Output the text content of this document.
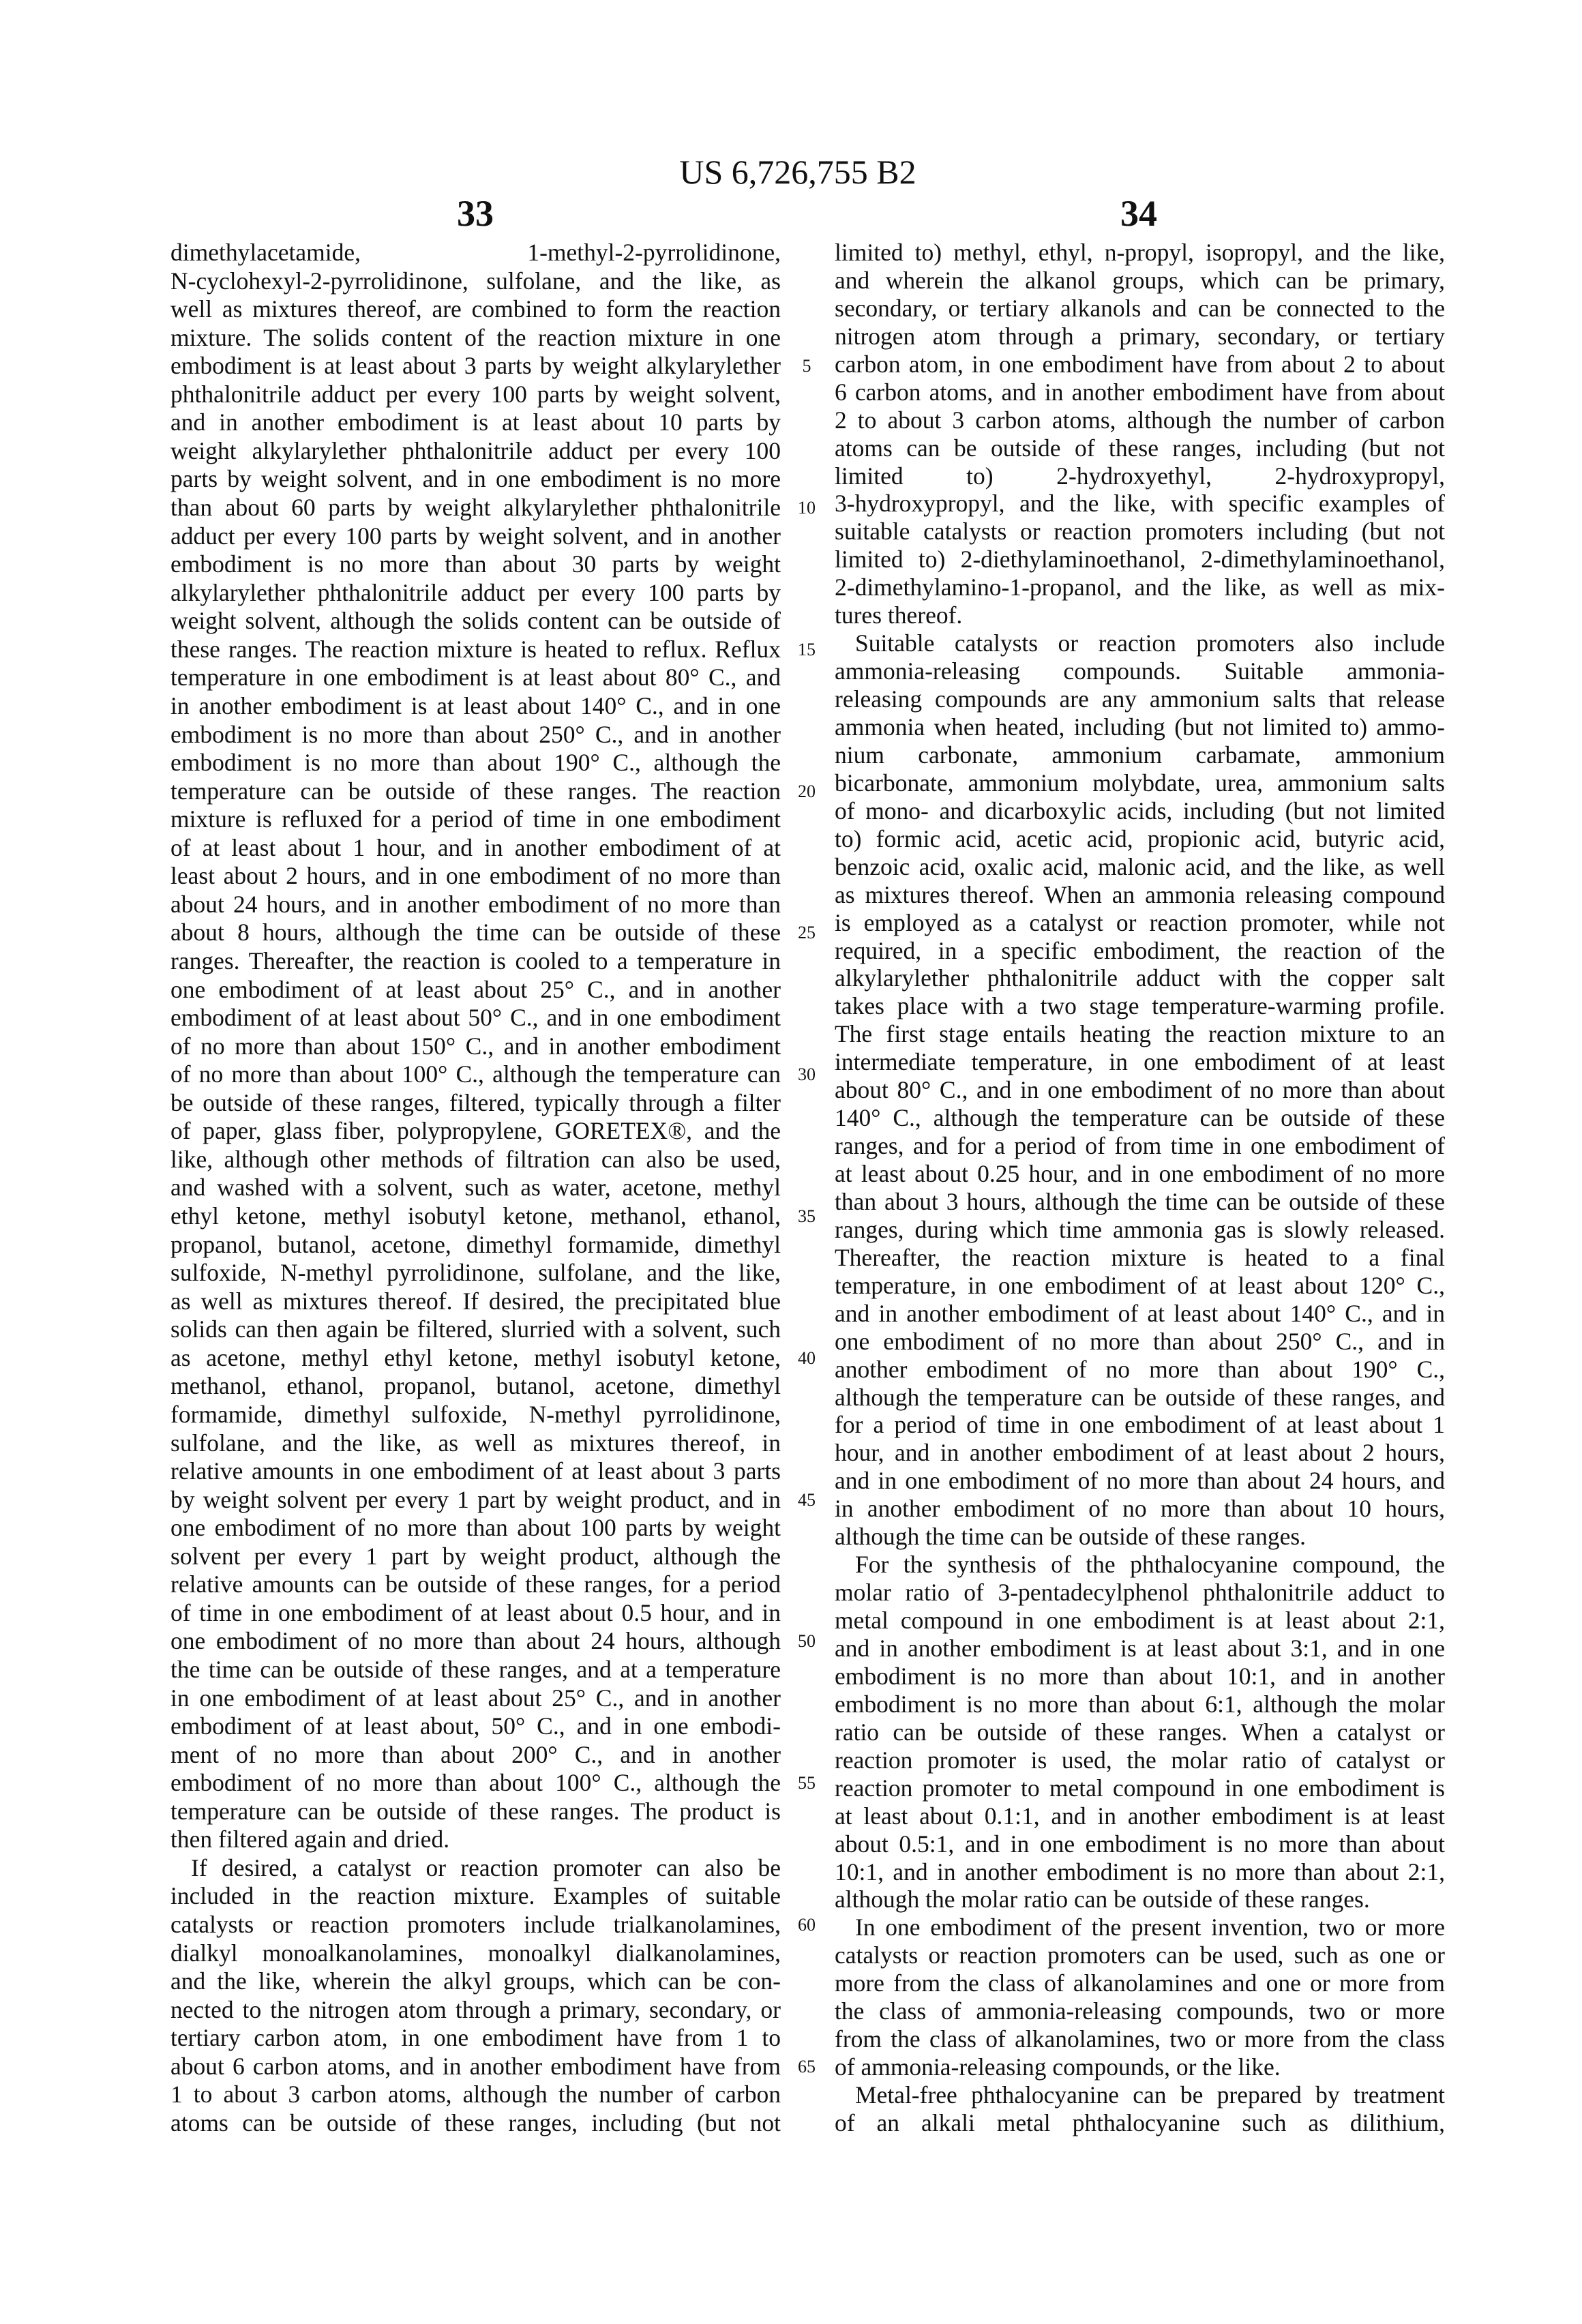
US 6,726,755 B2
33	34
dimethylacetamide, 1-methyl-2-pyrrolidinone,
N-cyclohexyl-2-pyrrolidinone, sulfolane, and the like, as
well as mixtures thereof, are combined to form the reaction
mixture. The solids content of the reaction mixture in one
embodiment is at least about 3 parts by weight alkylarylether
phthalonitrile adduct per every 100 parts by weight solvent,
and in another embodiment is at least about 10 parts by
weight alkylarylether phthalonitrile adduct per every 100
parts by weight solvent, and in one embodiment is no more
than about 60 parts by weight alkylarylether phthalonitrile
adduct per every 100 parts by weight solvent, and in another
embodiment is no more than about 30 parts by weight
alkylarylether phthalonitrile adduct per every 100 parts by
weight solvent, although the solids content can be outside of
these ranges. The reaction mixture is heated to reflux. Reflux
temperature in one embodiment is at least about 80° C., and
in another embodiment is at least about 140° C., and in one
embodiment is no more than about 250° C., and in another
embodiment is no more than about 190° C., although the
temperature can be outside of these ranges. The reaction
mixture is refluxed for a period of time in one embodiment
of at least about 1 hour, and in another embodiment of at
least about 2 hours, and in one embodiment of no more than
about 24 hours, and in another embodiment of no more than
about 8 hours, although the time can be outside of these
ranges. Thereafter, the reaction is cooled to a temperature in
one embodiment of at least about 25° C., and in another
embodiment of at least about 50° C., and in one embodiment
of no more than about 150° C., and in another embodiment
of no more than about 100° C., although the temperature can
be outside of these ranges, filtered, typically through a filter
of paper, glass fiber, polypropylene, GORETEX®, and the
like, although other methods of filtration can also be used,
and washed with a solvent, such as water, acetone, methyl
ethyl ketone, methyl isobutyl ketone, methanol, ethanol,
propanol, butanol, acetone, dimethyl formamide, dimethyl
sulfoxide, N-methyl pyrrolidinone, sulfolane, and the like,
as well as mixtures thereof. If desired, the precipitated blue
solids can then again be filtered, slurried with a solvent, such
as acetone, methyl ethyl ketone, methyl isobutyl ketone,
methanol, ethanol, propanol, butanol, acetone, dimethyl
formamide, dimethyl sulfoxide, N-methyl pyrrolidinone,
sulfolane, and the like, as well as mixtures thereof, in
relative amounts in one embodiment of at least about 3 parts
by weight solvent per every 1 part by weight product, and in
one embodiment of no more than about 100 parts by weight
solvent per every 1 part by weight product, although the
relative amounts can be outside of these ranges, for a period
of time in one embodiment of at least about 0.5 hour, and in
one embodiment of no more than about 24 hours, although
the time can be outside of these ranges, and at a temperature
in one embodiment of at least about 25° C., and in another
embodiment of at least about, 50° C., and in one embodi-
ment of no more than about 200° C., and in another
embodiment of no more than about 100° C., although the
temperature can be outside of these ranges. The product is
then filtered again and dried.
If desired, a catalyst or reaction promoter can also be
included in the reaction mixture. Examples of suitable
catalysts or reaction promoters include trialkanolamines,
dialkyl monoalkanolamines, monoalkyl dialkanolamines,
and the like, wherein the alkyl groups, which can be con-
nected to the nitrogen atom through a primary, secondary, or
tertiary carbon atom, in one embodiment have from 1 to
about 6 carbon atoms, and in another embodiment have from
1 to about 3 carbon atoms, although the number of carbon
atoms can be outside of these ranges, including (but not
5
10
15
20
25
30
35
40
45
50
55
60
65
limited to) methyl, ethyl, n-propyl, isopropyl, and the like,
and wherein the alkanol groups, which can be primary,
secondary, or tertiary alkanols and can be connected to the
nitrogen atom through a primary, secondary, or tertiary
carbon atom, in one embodiment have from about 2 to about
6 carbon atoms, and in another embodiment have from about
2 to about 3 carbon atoms, although the number of carbon
atoms can be outside of these ranges, including (but not
limited to) 2-hydroxyethyl, 2-hydroxypropyl,
3-hydroxypropyl, and the like, with specific examples of
suitable catalysts or reaction promoters including (but not
limited to) 2-diethylaminoethanol, 2-dimethylaminoethanol,
2-dimethylamino-1-propanol, and the like, as well as mix-
tures thereof.
Suitable catalysts or reaction promoters also include
ammonia-releasing compounds. Suitable ammonia-
releasing compounds are any ammonium salts that release
ammonia when heated, including (but not limited to) ammo-
nium carbonate, ammonium carbamate, ammonium
bicarbonate, ammonium molybdate, urea, ammonium salts
of mono- and dicarboxylic acids, including (but not limited
to) formic acid, acetic acid, propionic acid, butyric acid,
benzoic acid, oxalic acid, malonic acid, and the like, as well
as mixtures thereof. When an ammonia releasing compound
is employed as a catalyst or reaction promoter, while not
required, in a specific embodiment, the reaction of the
alkylarylether phthalonitrile adduct with the copper salt
takes place with a two stage temperature-warming profile.
The first stage entails heating the reaction mixture to an
intermediate temperature, in one embodiment of at least
about 80° C., and in one embodiment of no more than about
140° C., although the temperature can be outside of these
ranges, and for a period of from time in one embodiment of
at least about 0.25 hour, and in one embodiment of no more
than about 3 hours, although the time can be outside of these
ranges, during which time ammonia gas is slowly released.
Thereafter, the reaction mixture is heated to a final
temperature, in one embodiment of at least about 120° C.,
and in another embodiment of at least about 140° C., and in
one embodiment of no more than about 250° C., and in
another embodiment of no more than about 190° C.,
although the temperature can be outside of these ranges, and
for a period of time in one embodiment of at least about 1
hour, and in another embodiment of at least about 2 hours,
and in one embodiment of no more than about 24 hours, and
in another embodiment of no more than about 10 hours,
although the time can be outside of these ranges.
For the synthesis of the phthalocyanine compound, the
molar ratio of 3-pentadecylphenol phthalonitrile adduct to
metal compound in one embodiment is at least about 2:1,
and in another embodiment is at least about 3:1, and in one
embodiment is no more than about 10:1, and in another
embodiment is no more than about 6:1, although the molar
ratio can be outside of these ranges. When a catalyst or
reaction promoter is used, the molar ratio of catalyst or
reaction promoter to metal compound in one embodiment is
at least about 0.1:1, and in another embodiment is at least
about 0.5:1, and in one embodiment is no more than about
10:1, and in another embodiment is no more than about 2:1,
although the molar ratio can be outside of these ranges.
In one embodiment of the present invention, two or more
catalysts or reaction promoters can be used, such as one or
more from the class of alkanolamines and one or more from
the class of ammonia-releasing compounds, two or more
from the class of alkanolamines, two or more from the class
of ammonia-releasing compounds, or the like.
Metal-free phthalocyanine can be prepared by treatment
of an alkali metal phthalocyanine such as dilithium,
